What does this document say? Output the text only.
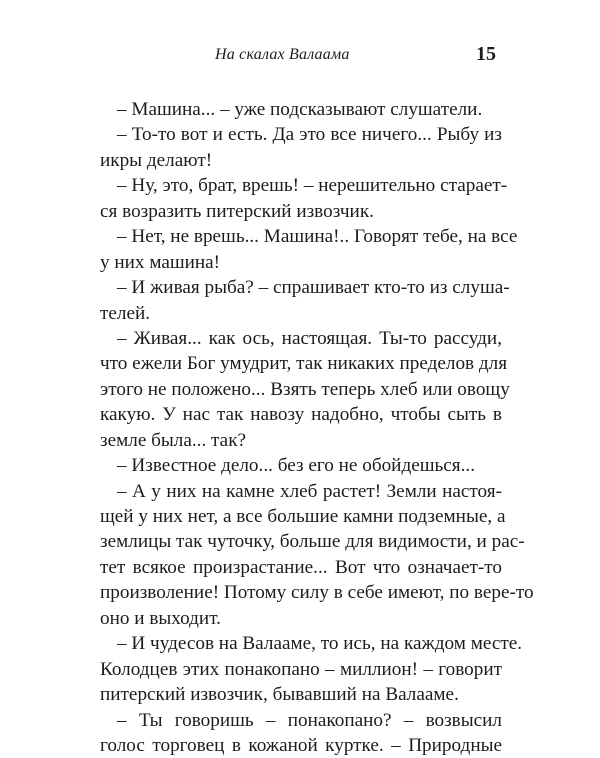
На скалах Валаама	15
– Машина... – уже подсказывают слушатели.
– То-то вот и есть. Да это все ничего... Рыбу из
икры делают!
– Ну, это, брат, врешь! – нерешительно старает-
ся возразить питерский извозчик.
– Нет, не врешь... Машина!.. Говорят тебе, на все
у них машина!
– И живая рыба? – спрашивает кто-то из слуша-
телей.
– Живая... как ось, настоящая. Ты-то рассуди,
что ежели Бог умудрит, так никаких пределов для
этого не положено... Взять теперь хлеб или овощу
какую. У нас так навозу надобно, чтобы сыть в
земле была... так?
– Известное дело... без его не обойдешься...
– А у них на камне хлеб растет! Земли настоя-
щей у них нет, а все большие камни подземные, а
землицы так чуточку, больше для видимости, и рас-
тет всякое произрастание... Вот что означает-то
произволение! Потому силу в себе имеют, по вере-то
оно и выходит.
– И чудесов на Валааме, то ись, на каждом месте.
Колодцев этих понакопано – миллион! – говорит
питерский извозчик, бывавший на Валааме.
– Ты говоришь – понакопано? – возвысил
голос торговец в кожаной куртке. – Природные
